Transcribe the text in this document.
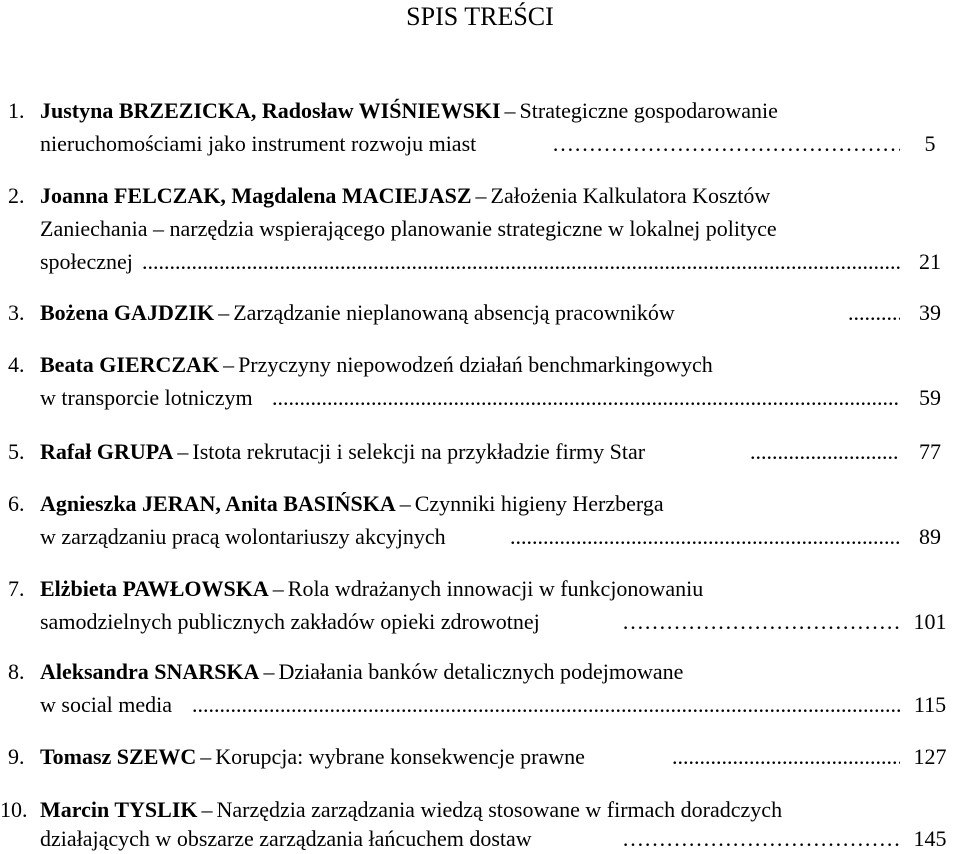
SPIS TREŚCI
1. Justyna BRZEZICKA, Radosław WIŚNIEWSKI – Strategiczne gospodarowanie
nieruchomościami jako instrument rozwoju miast …………………………………………………………………………………………………………………………	5
2. Joanna FELCZAK, Magdalena MACIEJASZ – Założenia Kalkulatora Kosztów
Zaniechania – narzędzia wspierającego planowanie strategiczne w lokalnej polityce
społecznej .....	21
3. Bożena GAJDZIK – Zarządzanie nieplanowaną absencją pracowników .....	39
4. Beata GIERCZAK – Przyczyny niepowodzeń działań benchmarkingowych
w transporcie lotniczym .....	59
5. Rafał GRUPA – Istota rekrutacji i selekcji na przykładzie firmy Star .....	77
6. Agnieszka JERAN, Anita BASIŃSKA – Czynniki higieny Herzberga
w zarządzaniu pracą wolontariuszy akcyjnych .....	89
7. Elżbieta PAWŁOWSKA – Rola wdrażanych innowacji w funkcjonowaniu
samodzielnych publicznych zakładów opieki zdrowotnej …………………………………………………………………………………………………………………………	101
8. Aleksandra SNARSKA – Działania banków detalicznych podejmowane
w social media .....	115
9. Tomasz SZEWC – Korupcja: wybrane konsekwencje prawne .....	127
10. Marcin TYSLIK – Narzędzia zarządzania wiedzą stosowane w firmach doradczych
działających w obszarze zarządzania łańcuchem dostaw …………………………………………………………………………………………………………………………	145
